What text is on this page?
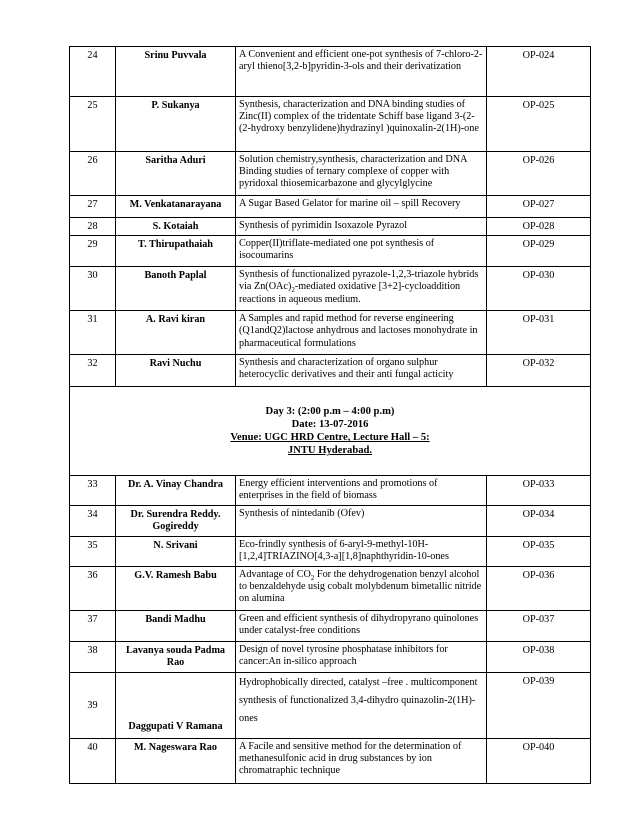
24	Srinu Puvvala	A Convenient and efficient one-pot synthesis of 7-chloro-2-aryl thieno[3,2-b]pyridin-3-ols and their derivatization	OP-024
25	P. Sukanya	Synthesis, characterization and DNA binding studies of Zinc(II) complex of the tridentate Schiff base ligand 3-(2-(2-hydroxy benzylidene)hydrazinyl )quinoxalin-2(1H)-one	OP-025
26	Saritha Aduri	Solution chemistry,synthesis, characterization and DNA Binding studies of ternary complexe of copper with pyridoxal thiosemicarbazone and glycylglycine	OP-026
27	M. Venkatanarayana	A Sugar Based Gelator for marine oil – spill Recovery	OP-027
28	S. Kotaiah	Synthesis of pyrimidin Isoxazole Pyrazol	OP-028
29	T. Thirupathaiah	Copper(II)triflate-mediated one pot synthesis of isocoumarins	OP-029
30	Banoth Paplal	Synthesis of functionalized pyrazole-1,2,3-triazole hybrids via $Zn(OAc)_2$-mediated oxidative [3+2]-cycloaddition reactions in aqueous medium.	OP-030
31	A. Ravi kiran	A Samples and rapid method for reverse engineering (Q1andQ2)lactose anhydrous and lactoses monohydrate in pharmaceutical formulations	OP-031
32	Ravi Nuchu	Synthesis and characterization of organo sulphur heterocyclic derivatives and their anti fungal acticity	OP-032

Day 3: (2:00 p.m – 4:00 p.m)
Date: 13-07-2016
Venue: UGC HRD Centre, Lecture Hall – 5:
JNTU Hyderabad.			

33	Dr. A. Vinay Chandra	Energy efficient interventions and promotions of enterprises in the field of biomass	OP-033
34	Dr. Surendra Reddy. Gogireddy	Synthesis of nintedanib (Ofev)	OP-034
35	N. Srivani	Eco-frindly synthesis of 6-aryl-9-methyl-10H-[1,2,4]TRIAZINO[4,3-a][1,8]naphthyridin-10-ones	OP-035
36	G.V. Ramesh Babu	Advantage of $CO_2$ For the dehydrogenation benzyl alcohol to benzaldehyde usig cobalt molybdenum bimetallic nitride on alumina	OP-036
37	Bandi Madhu	Green and efficient synthesis of dihydropyrano quinolones under catalyst-free conditions	OP-037
38	Lavanya souda Padma Rao	Design of novel tyrosine phosphatase inhibitors for cancer:An in-silico approach	OP-038
39	Daggupati V Ramana	Hydrophobically directed, catalyst –free . multicomponent synthesis of functionalized 3,4-dihydro quinazolin-2(1H)-ones	OP-039
40	M. Nageswara Rao	A Facile and sensitive method for the determination of methanesulfonic acid in drug substances by ion chromatraphic technique	OP-040
